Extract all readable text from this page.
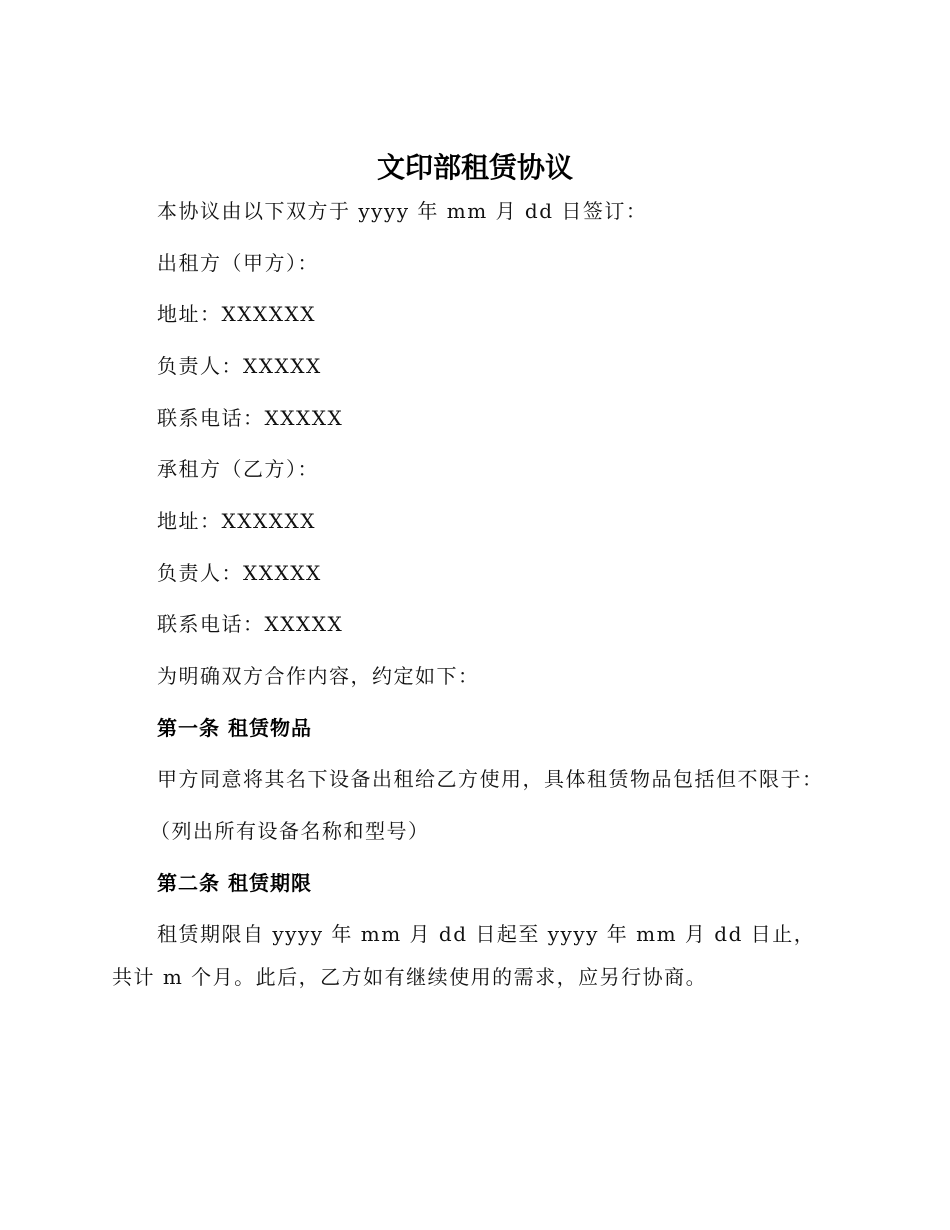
文印部租赁协议
本协议由以下双方于 yyyy 年 mm 月 dd 日签订：
出租方（甲方）：
地址：XXXXXX
负责人：XXXXX
联系电话：XXXXX
承租方（乙方）：
地址：XXXXXX
负责人：XXXXX
联系电话：XXXXX
为明确双方合作内容，约定如下：
第一条 租赁物品
甲方同意将其名下设备出租给乙方使用，具体租赁物品包括但不限于：
（列出所有设备名称和型号）
第二条 租赁期限
租赁期限自 yyyy 年 mm 月 dd 日起至 yyyy 年 mm 月 dd 日止，共计 m 个月。此后，乙方如有继续使用的需求，应另行协商。
